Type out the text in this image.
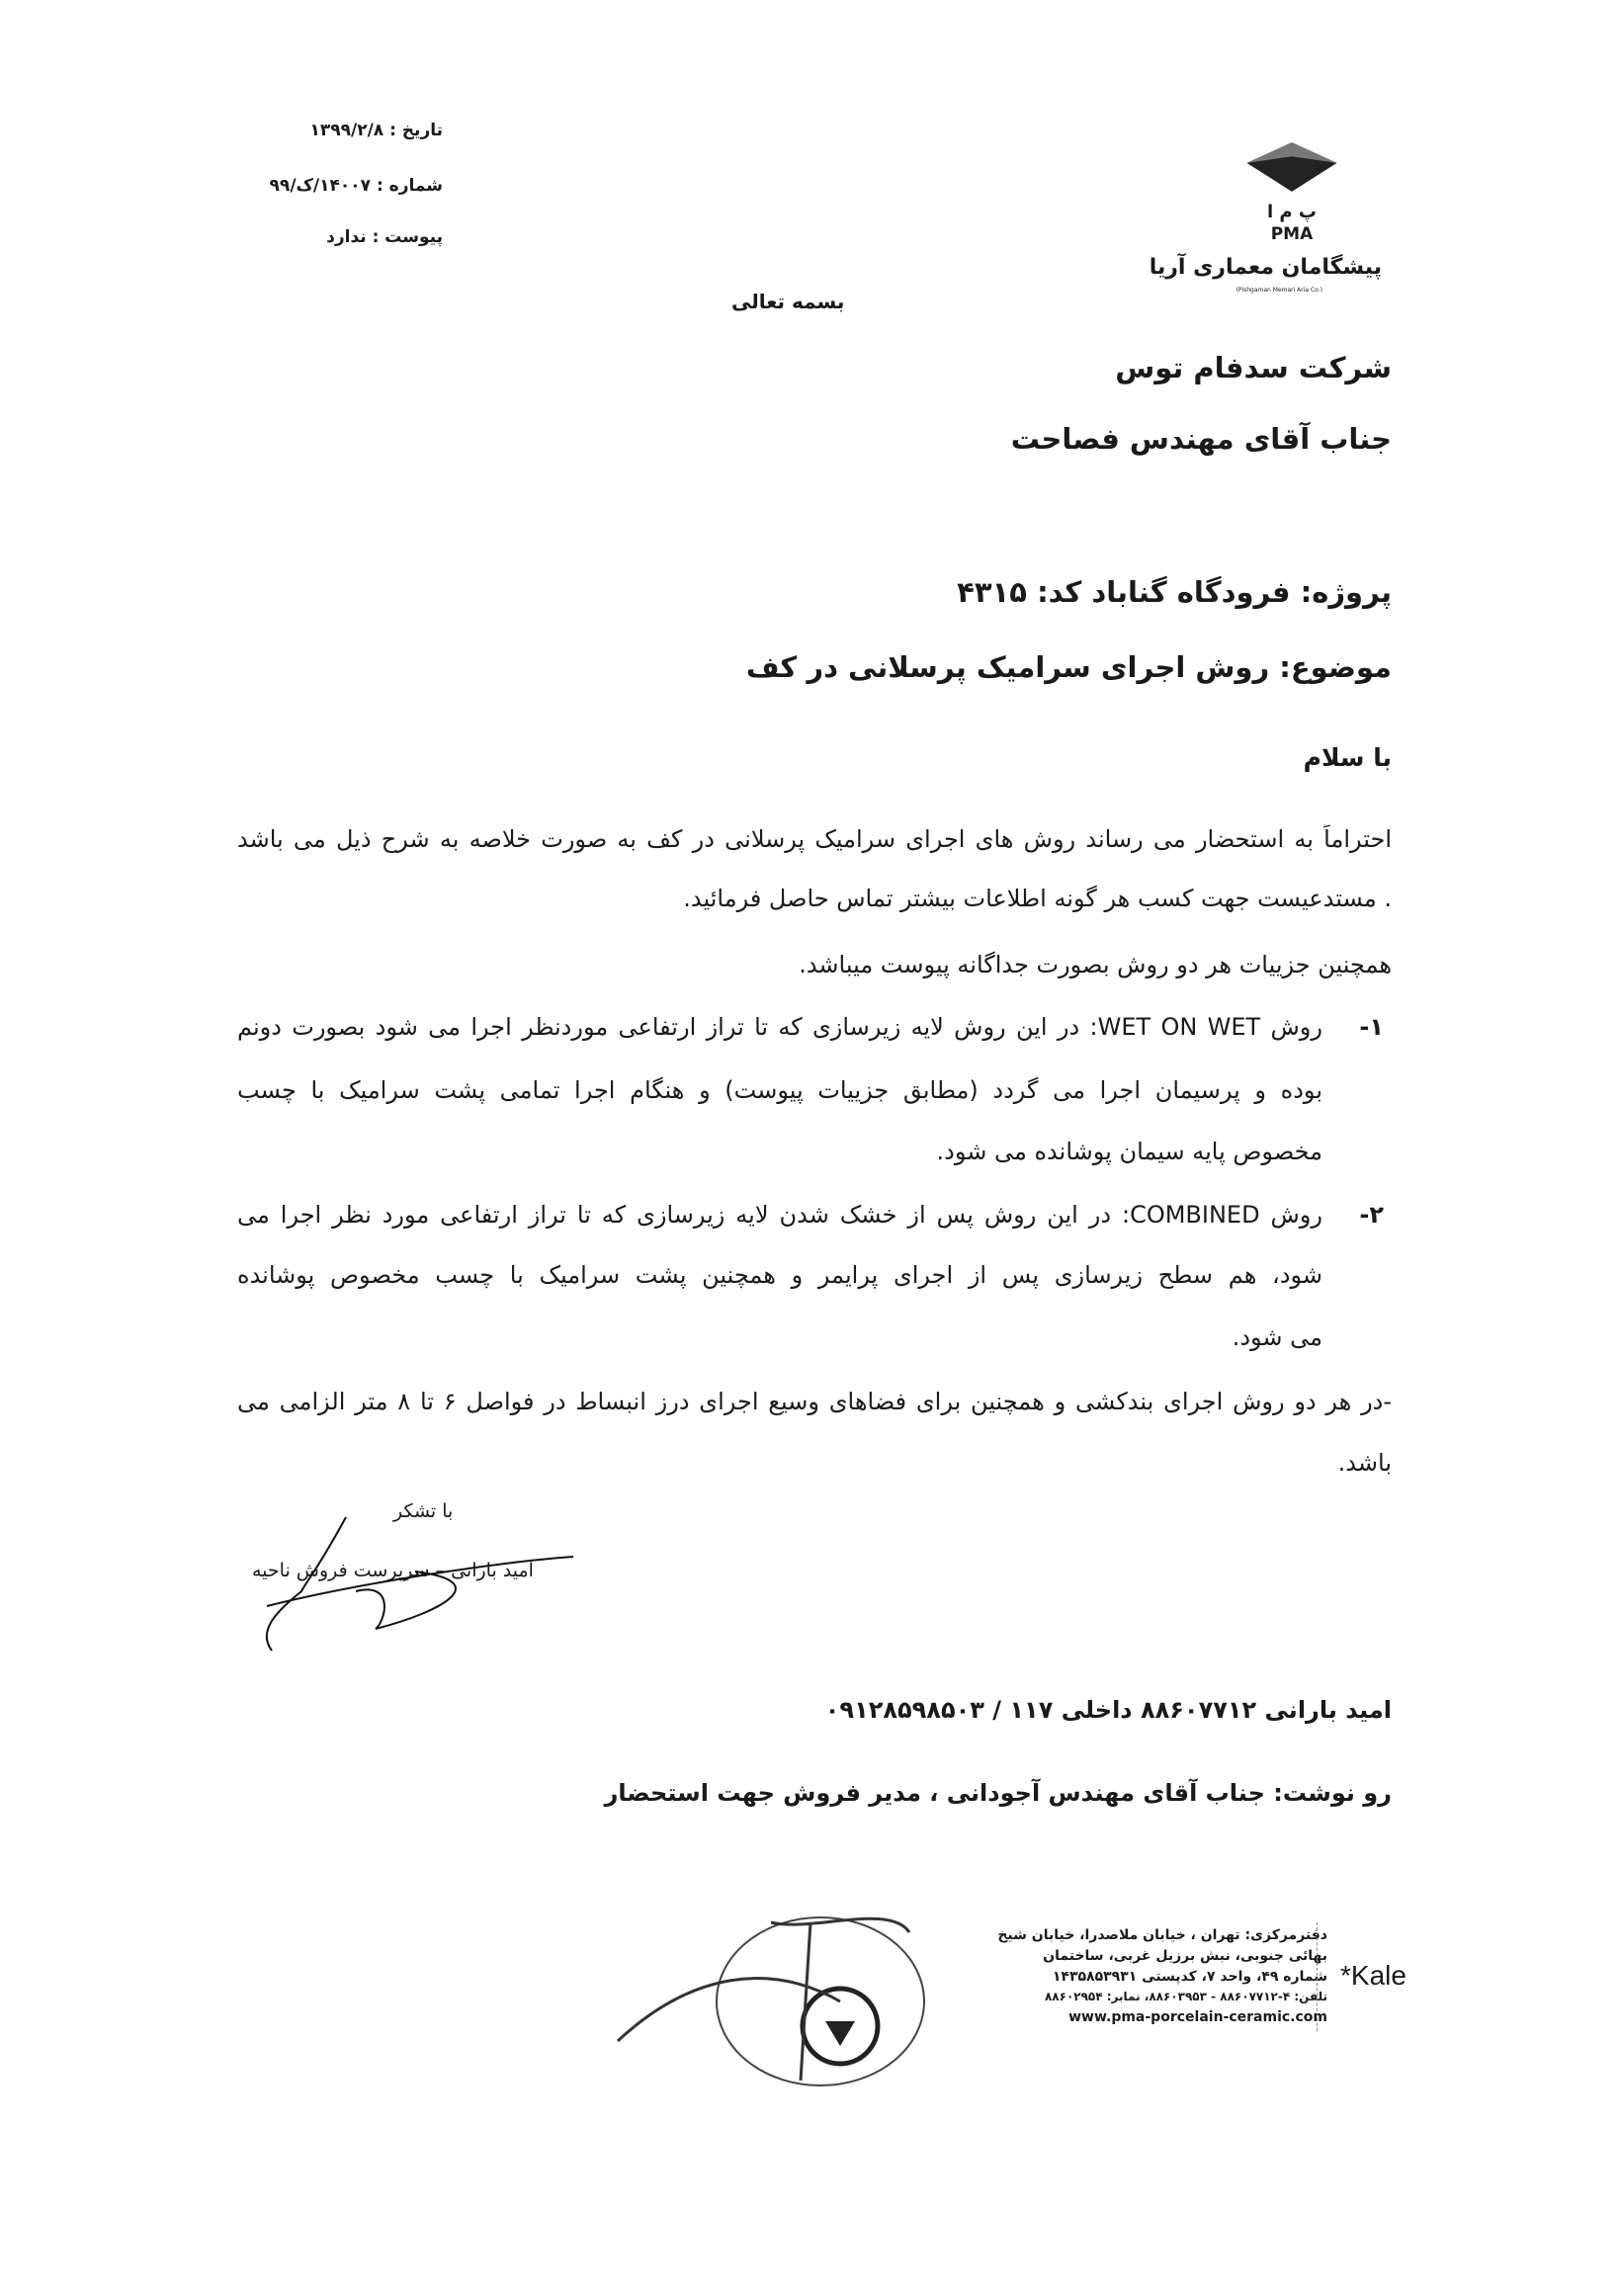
تاریخ : ۱۳۹۹/۲/۸
شماره : ۱۴۰۰۷/ک/۹۹
پیوست : ندارد
پ م ا
PMA
پیشگامان معماری آریا
(Pishgaman Memari Aria Co.)
بسمه تعالی
شرکت سدفام توس
جناب آقای مهندس فصاحت
پروژه: فرودگاه گناباد کد: ۴۳۱۵
موضوع: روش اجرای سرامیک پرسلانی در کف
با سلام
احتراماً به استحضار می رساند روش های اجرای سرامیک پرسلانی در کف به صورت خلاصه به شرح ذیل می باشد
. مستدعیست جهت کسب هر گونه اطلاعات بیشتر تماس حاصل فرمائید.
همچنین جزییات هر دو روش بصورت جداگانه پیوست میباشد.
۱-
روش WET ON WET: در این روش لایه زیرسازی که تا تراز ارتفاعی موردنظر اجرا می شود بصورت دونم
بوده و پرسیمان اجرا می گردد (مطابق جزییات پیوست) و هنگام اجرا تمامی پشت سرامیک با چسب
مخصوص پایه سیمان پوشانده می شود.
۲-
روش COMBINED: در این روش پس از خشک شدن لایه زیرسازی که تا تراز ارتفاعی مورد نظر اجرا می
شود، هم سطح زیرسازی پس از اجرای پرایمر و همچنین پشت سرامیک با چسب مخصوص پوشانده
می شود.
-در هر دو روش اجرای بندکشی و همچنین برای فضاهای وسیع اجرای درز انبساط در فواصل ۶ تا ۸ متر الزامی می
باشد.
با تشکر
امید بارانی – سرپرست فروش ناحیه
امید بارانی ۸۸۶۰۷۷۱۲ داخلی ۱۱۷ / ۰۹۱۲۸۵۹۸۵۰۳
رو نوشت: جناب آقای مهندس آجودانی ، مدیر فروش جهت استحضار
دفترمرکزی: تهران ، خیابان ملاصدرا، خیابان شیخ
بهائی جنوبی، نبش برزیل غربی، ساختمان
شماره ۴۹، واحد ۷، کدپستی ۱۴۳۵۸۵۳۹۳۱
تلفن: ۴-۸۸۶۰۷۷۱۲ - ۸۸۶۰۳۹۵۳، نمابر: ۸۸۶۰۲۹۵۴
www.pma-porcelain-ceramic.com
*Kale
